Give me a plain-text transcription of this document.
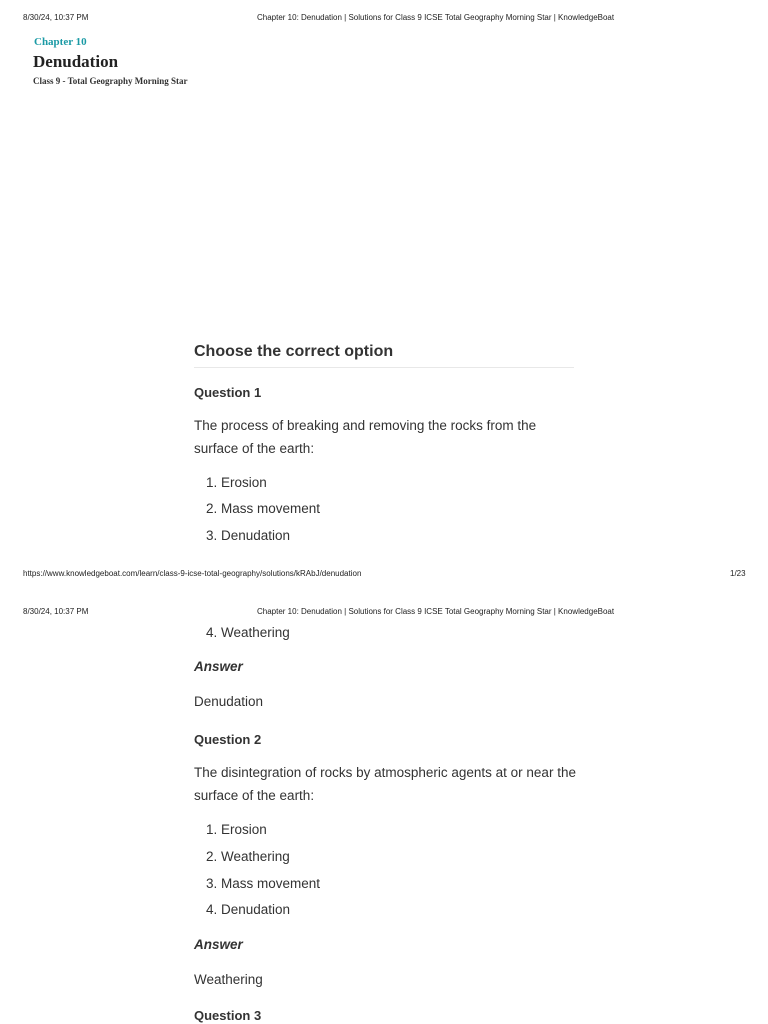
8/30/24, 10:37 PM	Chapter 10: Denudation | Solutions for Class 9 ICSE Total Geography Morning Star | KnowledgeBoat
Chapter 10
Denudation
Class 9 - Total Geography Morning Star
Choose the correct option
Question 1
The process of breaking and removing the rocks from the surface of the earth:
1. Erosion
2. Mass movement
3. Denudation
https://www.knowledgeboat.com/learn/class-9-icse-total-geography/solutions/kRAbJ/denudation	1/23
8/30/24, 10:37 PM	Chapter 10: Denudation | Solutions for Class 9 ICSE Total Geography Morning Star | KnowledgeBoat
4. Weathering
Answer
Denudation
Question 2
The disintegration of rocks by atmospheric agents at or near the surface of the earth:
1. Erosion
2. Weathering
3. Mass movement
4. Denudation
Answer
Weathering
Question 3
